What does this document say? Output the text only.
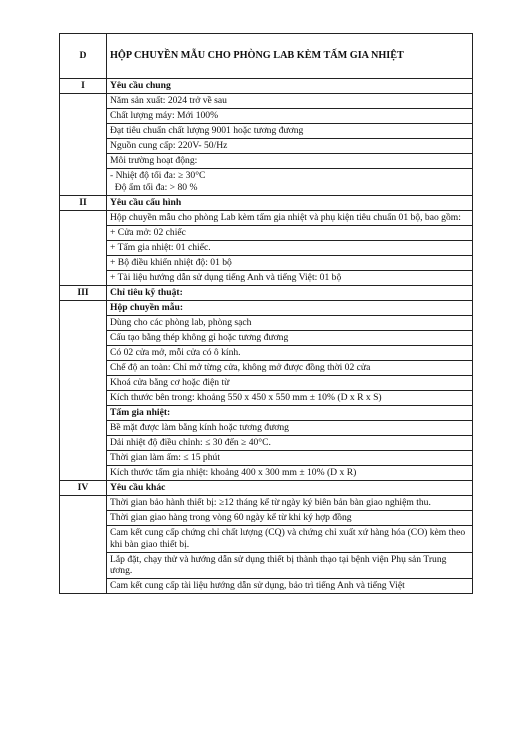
D	HỘP CHUYỀN MẪU CHO PHÒNG LAB KÈM TẤM GIA NHIỆT
I	Yêu cầu chung
	Năm sản xuất: 2024 trở về sau
	Chất lượng máy: Mới 100%
	Đạt tiêu chuẩn chất lượng 9001 hoặc tương đương
	Nguồn cung cấp: 220V- 50/Hz
	Môi trường hoạt động:
	- Nhiệt độ tối đa: ≥ 30°C
Độ ẩm tối đa: > 80 %
II	Yêu cầu cấu hình
	Hộp chuyền mẫu cho phòng Lab kèm tấm gia nhiệt và phụ kiện tiêu chuẩn 01 bộ, bao gồm:
	+ Cửa mở: 02 chiếc
	+ Tấm gia nhiệt: 01 chiếc.
	+ Bộ điều khiển nhiệt độ: 01 bộ
	+ Tài liệu hướng dẫn sử dụng tiếng Anh và tiếng Việt: 01 bộ
III	Chỉ tiêu kỹ thuật:
	Hộp chuyền mẫu:
	Dùng cho các phòng lab, phòng sạch
	Cấu tạo bằng thép không gỉ hoặc tương đương
	Có 02 cửa mở, mỗi cửa có ô kính.
	Chế độ an toàn: Chỉ mở từng cửa, không mở được đồng thời 02 cửa
	Khoá cửa bằng cơ hoặc điện từ
	Kích thước bên trong: khoảng 550 x 450 x 550 mm ± 10% (D x R x S)
	Tấm gia nhiệt:
	Bề mặt được làm bằng kính hoặc tương đương
	Dải nhiệt độ điều chỉnh: ≤ 30 đến ≥ 40°C.
	Thời gian làm ấm: ≤ 15 phút
	Kích thước tấm gia nhiệt: khoảng 400 x 300 mm ± 10% (D x R)
IV	Yêu cầu khác
	Thời gian bảo hành thiết bị: ≥12 tháng kể từ ngày ký biên bản bàn giao nghiệm thu.
	Thời gian giao hàng trong vòng 60 ngày kể từ khi ký hợp đồng
	Cam kết cung cấp chứng chỉ chất lượng (CQ) và chứng chỉ xuất xứ hàng hóa (CO) kèm theo khi bàn giao thiết bị.
	Lắp đặt, chạy thử và hướng dẫn sử dụng thiết bị thành thạo tại bệnh viện Phụ sản Trung ương.
	Cam kết cung cấp tài liệu hướng dẫn sử dụng, bảo trì tiếng Anh và tiếng Việt
